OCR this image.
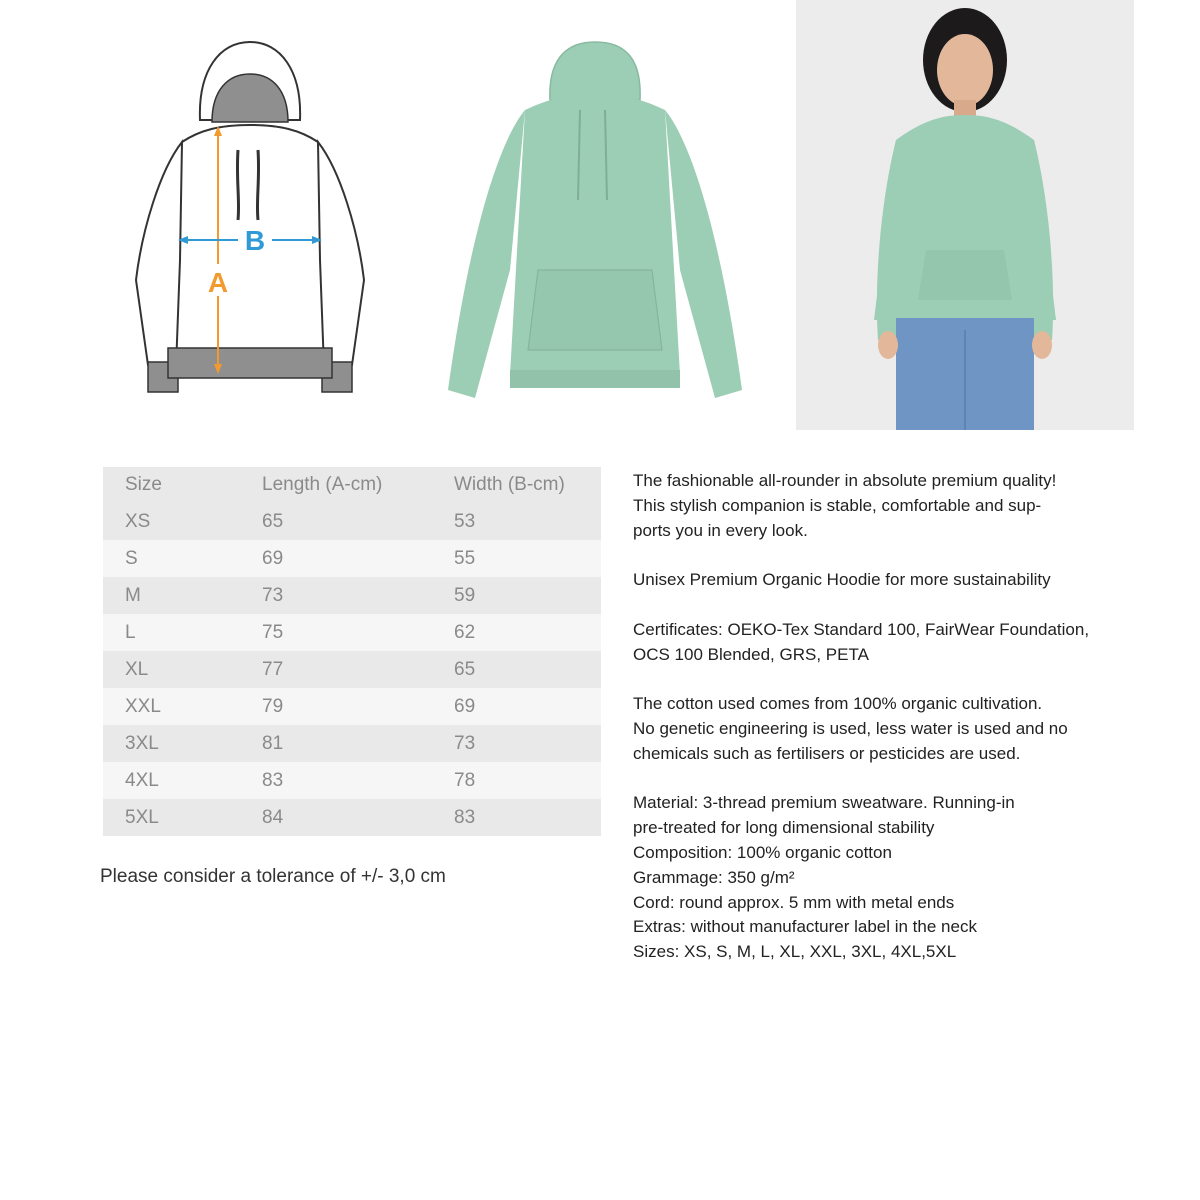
B
A
Size	Length (A-cm)	Width (B-cm)
XS	65	53
S	69	55
M	73	59
L	75	62
XL	77	65
XXL	79	69
3XL	81	73
4XL	83	78
5XL	84	83
Please consider a tolerance of +/- 3,0 cm

The fashionable all-rounder in absolute premium quality!
This stylish companion is stable, comfortable and sup-
ports you in every look.

Unisex Premium Organic Hoodie for more sustainability

Certificates: OEKO-Tex Standard 100, FairWear Foundation,
OCS 100 Blended, GRS, PETA

The cotton used comes from 100% organic cultivation.
No genetic engineering is used, less water is used and no
chemicals such as fertilisers or pesticides are used.

Material: 3-thread premium sweatware. Running-in
pre-treated for long dimensional stability
Composition: 100% organic cotton
Grammage: 350 g/m²
Cord: round approx. 5 mm with metal ends
Extras: without manufacturer label in the neck
Sizes: XS, S, M, L, XL, XXL, 3XL, 4XL,5XL
